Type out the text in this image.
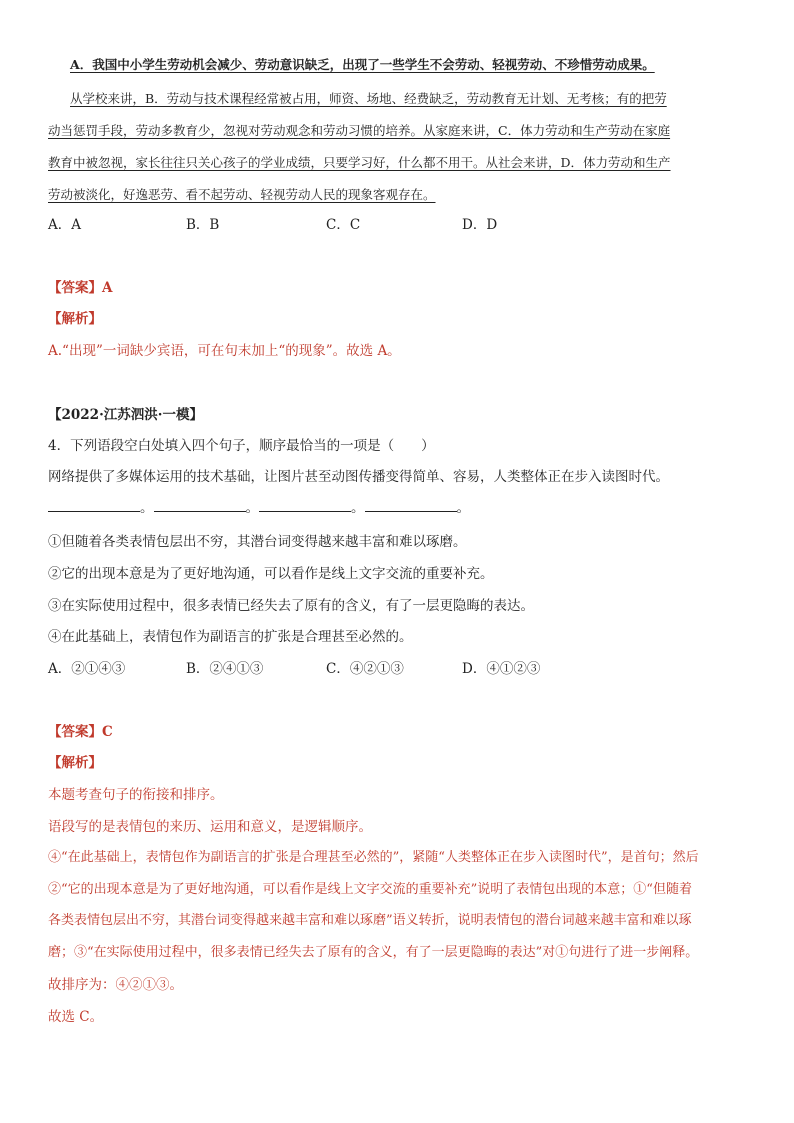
A．我国中小学生劳动机会减少、劳动意识缺乏，出现了一些学生不会劳动、轻视劳动、不珍惜劳动成果。
从学校来讲，B．劳动与技术课程经常被占用，师资、场地、经费缺乏，劳动教育无计划、无考核；有的把劳
动当惩罚手段，劳动多教育少，忽视对劳动观念和劳动习惯的培养。从家庭来讲，C．体力劳动和生产劳动在家庭
教育中被忽视，家长往往只关心孩子的学业成绩，只要学习好，什么都不用干。从社会来讲，D．体力劳动和生产
劳动被淡化，好逸恶劳、看不起劳动、轻视劳动人民的现象客观存在。
A．A	B．B	C．C	D．D
【答案】A
【解析】
A.“出现”一词缺少宾语，可在句末加上“的现象”。故选 A。
【2022·江苏泗洪·一模】
4．下列语段空白处填入四个句子，顺序最恰当的一项是（　　）
网络提供了多媒体运用的技术基础，让图片甚至动图传播变得简单、容易，人类整体正在步入读图时代。
。	。	。	。
①但随着各类表情包层出不穷，其潜台词变得越来越丰富和难以琢磨。
②它的出现本意是为了更好地沟通，可以看作是线上文字交流的重要补充。
③在实际使用过程中，很多表情已经失去了原有的含义，有了一层更隐晦的表达。
④在此基础上，表情包作为副语言的扩张是合理甚至必然的。
A．②①④③	B．②④①③	C．④②①③	D．④①②③
【答案】C
【解析】
本题考查句子的衔接和排序。
语段写的是表情包的来历、运用和意义，是逻辑顺序。
④“在此基础上，表情包作为副语言的扩张是合理甚至必然的”，紧随“人类整体正在步入读图时代”，是首句；然后
②“它的出现本意是为了更好地沟通，可以看作是线上文字交流的重要补充”说明了表情包出现的本意；①“但随着
各类表情包层出不穷，其潜台词变得越来越丰富和难以琢磨”语义转折，说明表情包的潜台词越来越丰富和难以琢
磨；③“在实际使用过程中，很多表情已经失去了原有的含义，有了一层更隐晦的表达”对①句进行了进一步阐释。
故排序为：④②①③。
故选 C。
